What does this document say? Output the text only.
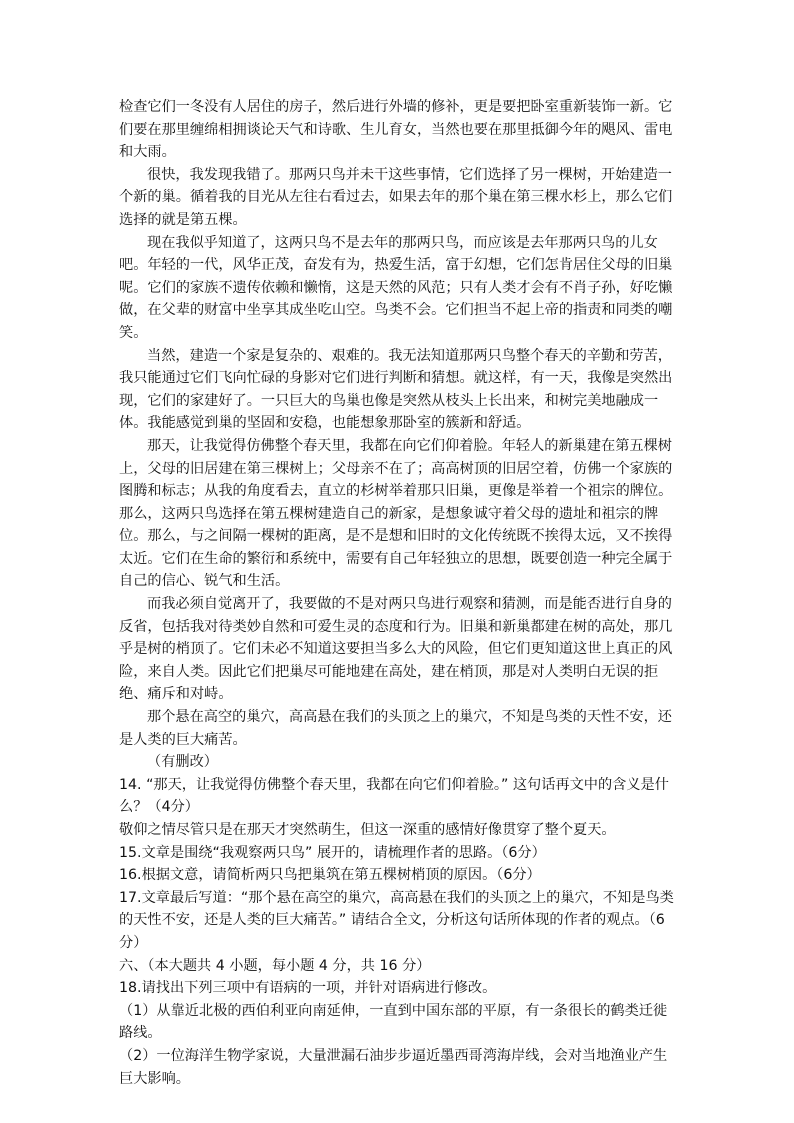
检查它们一冬没有人居住的房子，然后进行外墙的修补，更是要把卧室重新装饰一新。它们要在那里缠绵相拥谈论天气和诗歌、生儿育女，当然也要在那里抵御今年的飓风、雷电和大雨。

很快，我发现我错了。那两只鸟并未干这些事情，它们选择了另一棵树，开始建造一个新的巢。循着我的目光从左往右看过去，如果去年的那个巢在第三棵水杉上，那么它们选择的就是第五棵。

现在我似乎知道了，这两只鸟不是去年的那两只鸟，而应该是去年那两只鸟的儿女吧。年轻的一代，风华正茂，奋发有为，热爱生活，富于幻想，它们怎肯居住父母的旧巢呢。它们的家族不遗传依赖和懒惰，这是天然的风范；只有人类才会有不肖子孙，好吃懒做，在父辈的财富中坐享其成坐吃山空。鸟类不会。它们担当不起上帝的指责和同类的嘲笑。

当然，建造一个家是复杂的、艰难的。我无法知道那两只鸟整个春天的辛勤和劳苦，我只能通过它们飞向忙碌的身影对它们进行判断和猜想。就这样，有一天，我像是突然出现，它们的家建好了。一只巨大的鸟巢也像是突然从枝头上长出来，和树完美地融成一体。我能感觉到巢的坚固和安稳，也能想象那卧室的簇新和舒适。

那天，让我觉得仿佛整个春天里，我都在向它们仰着脸。年轻人的新巢建在第五棵树上，父母的旧居建在第三棵树上；父母亲不在了；高高树顶的旧居空着，仿佛一个家族的图腾和标志；从我的角度看去，直立的杉树举着那只旧巢，更像是举着一个祖宗的牌位。那么，这两只鸟选择在第五棵树建造自己的新家，是想象诚守着父母的遗址和祖宗的牌位。那么，与之间隔一棵树的距离，是不是想和旧时的文化传统既不挨得太远，又不挨得太近。它们在生命的繁衍和系统中，需要有自己年轻独立的思想，既要创造一种完全属于自己的信心、锐气和生活。

而我必须自觉离开了，我要做的不是对两只鸟进行观察和猜测，而是能否进行自身的反省，包括我对待类妙自然和可爱生灵的态度和行为。旧巢和新巢都建在树的高处，那几乎是树的梢顶了。它们未必不知道这要担当多么大的风险，但它们更知道这世上真正的风险，来自人类。因此它们把巢尽可能地建在高处，建在梢顶，那是对人类明白无误的拒绝、痛斥和对峙。

那个悬在高空的巢穴，高高悬在我们的头顶之上的巢穴，不知是鸟类的天性不安，还是人类的巨大痛苦。

（有删改）

14. “那天，让我觉得仿佛整个春天里，我都在向它们仰着脸。” 这句话再文中的含义是什么？（4分）

敬仰之情尽管只是在那天才突然萌生，但这一深重的感情好像贯穿了整个夏天。

15.文章是围绕“我观察两只鸟” 展开的，请梳理作者的思路。（6分）

16.根据文意，请简析两只鸟把巢筑在第五棵树梢顶的原因。（6分）

17.文章最后写道：“那个悬在高空的巢穴，高高悬在我们的头顶之上的巢穴，不知是鸟类的天性不安，还是人类的巨大痛苦。” 请结合全文，分析这句话所体现的作者的观点。（6分）

六、（本大题共 4 小题，每小题 4 分，共 16 分）

18.请找出下列三项中有语病的一项，并针对语病进行修改。

（1）从靠近北极的西伯利亚向南延伸，一直到中国东部的平原，有一条很长的鹤类迁徙路线。

（2）一位海洋生物学家说，大量泄漏石油步步逼近墨西哥湾海岸线，会对当地渔业产生巨大影响。
